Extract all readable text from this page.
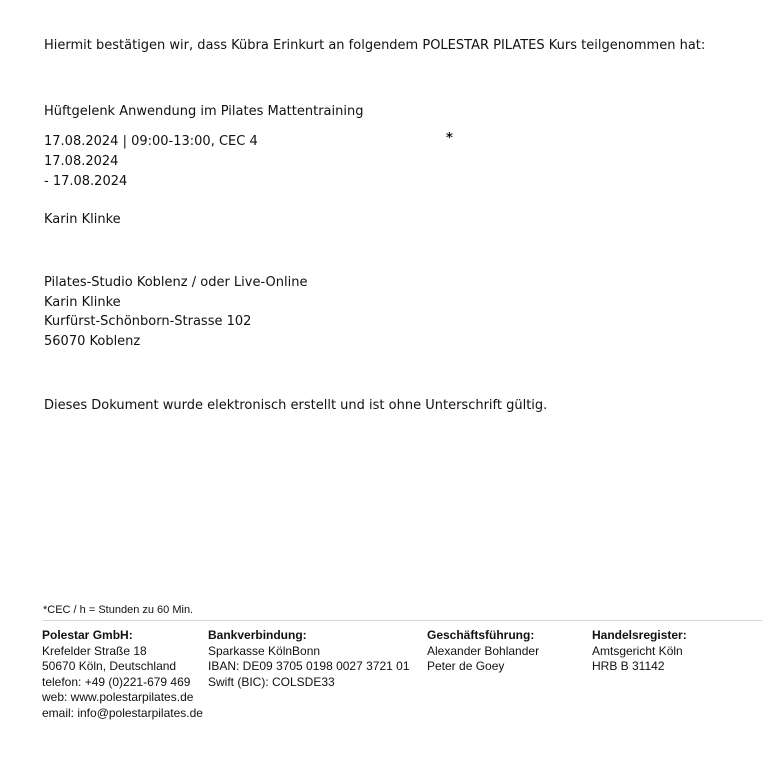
Hiermit bestätigen wir, dass Kübra Erinkurt an folgendem POLESTAR PILATES Kurs teilgenommen hat:
Hüftgelenk Anwendung im Pilates Mattentraining
17.08.2024 | 09:00-13:00, CEC 4	*
17.08.2024
- 17.08.2024
Karin Klinke
Pilates-Studio Koblenz / oder Live-Online
Karin Klinke
Kurfürst-Schönborn-Strasse 102
56070 Koblenz
Dieses Dokument wurde elektronisch erstellt und ist ohne Unterschrift gültig.
*CEC / h = Stunden zu 60 Min.
Polestar GmbH:
Krefelder Straße 18
50670 Köln, Deutschland
telefon: +49 (0)221-679 469
web: www.polestarpilates.de
email: info@polestarpilates.de
Bankverbindung:
Sparkasse KölnBonn
IBAN: DE09 3705 0198 0027 3721 01
Swift (BIC): COLSDE33
Geschäftsführung:
Alexander Bohlander
Peter de Goey
Handelsregister:
Amtsgericht Köln
HRB B 31142
